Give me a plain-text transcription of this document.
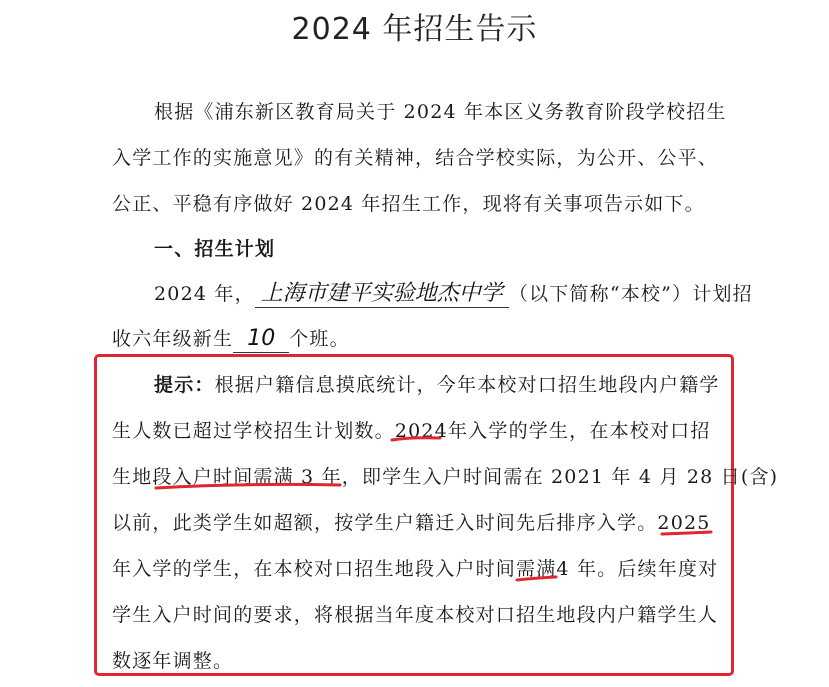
2024 年招生告示
根据《浦东新区教育局关于 2024 年本区义务教育阶段学校招生
入学工作的实施意见》的有关精神，结合学校实际，为公开、公平、
公正、平稳有序做好 2024 年招生工作，现将有关事项告示如下。
一、招生计划
2024 年， 上海市建平实验地杰中学 （以下简称“本校”）计划招
收六年级新生 10 个班。
提示：根据户籍信息摸底统计，今年本校对口招生地段内户籍学
生人数已超过学校招生计划数。2024年入学的学生，在本校对口招
生地段入户时间需满 3 年，即学生入户时间需在 2021 年 4 月 28 日(含)
以前，此类学生如超额，按学生户籍迁入时间先后排序入学。2025
年入学的学生，在本校对口招生地段入户时间需满4 年。后续年度对
学生入户时间的要求，将根据当年度本校对口招生地段内户籍学生人
数逐年调整。
